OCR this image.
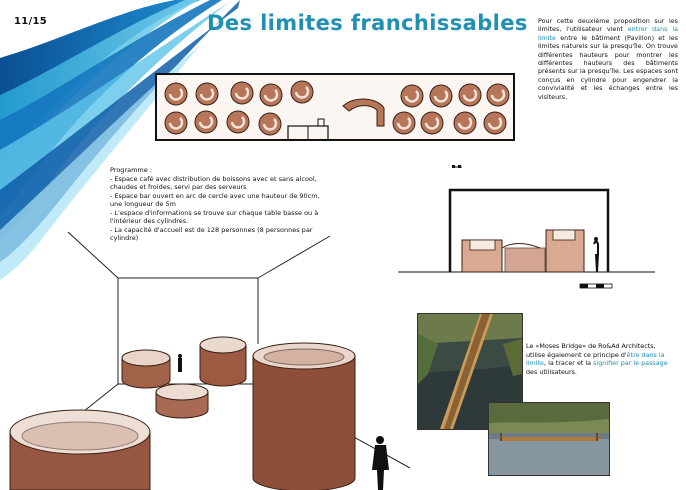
11/15	Des limites franchissables Pour cette deuxième proposition sur les limites, l'utilisateur vient entrer dans la limite entre le bâtiment (Pavillon) et les limites naturels sur la presqu'île. On trouve différentes hauteurs pour montrer les différentes hauteurs des bâtiments présents sur la presqu'île. Les espaces sont conçus en cylindre pour engendrer la convivialité et les échanges entre les visiteurs.
Programme :
- Espace café avec distribution de boissons avec et sans alcool, chaudes et froides, servi par des serveurs
- Espace bar ouvert en arc de cercle avec une hauteur de 90cm, une longueur de 5m
- L'espace d'informations se trouve sur chaque table basse ou à l'intérieur des cylindres.
- La capacité d'accueil est de 128 personnes (8 personnes par cylindre)
Le «Moses Bridge» de Ro&Ad Architects, utilise également ce principe d'être dans la limite, la tracer et la signifier par le passage des utilisateurs.
